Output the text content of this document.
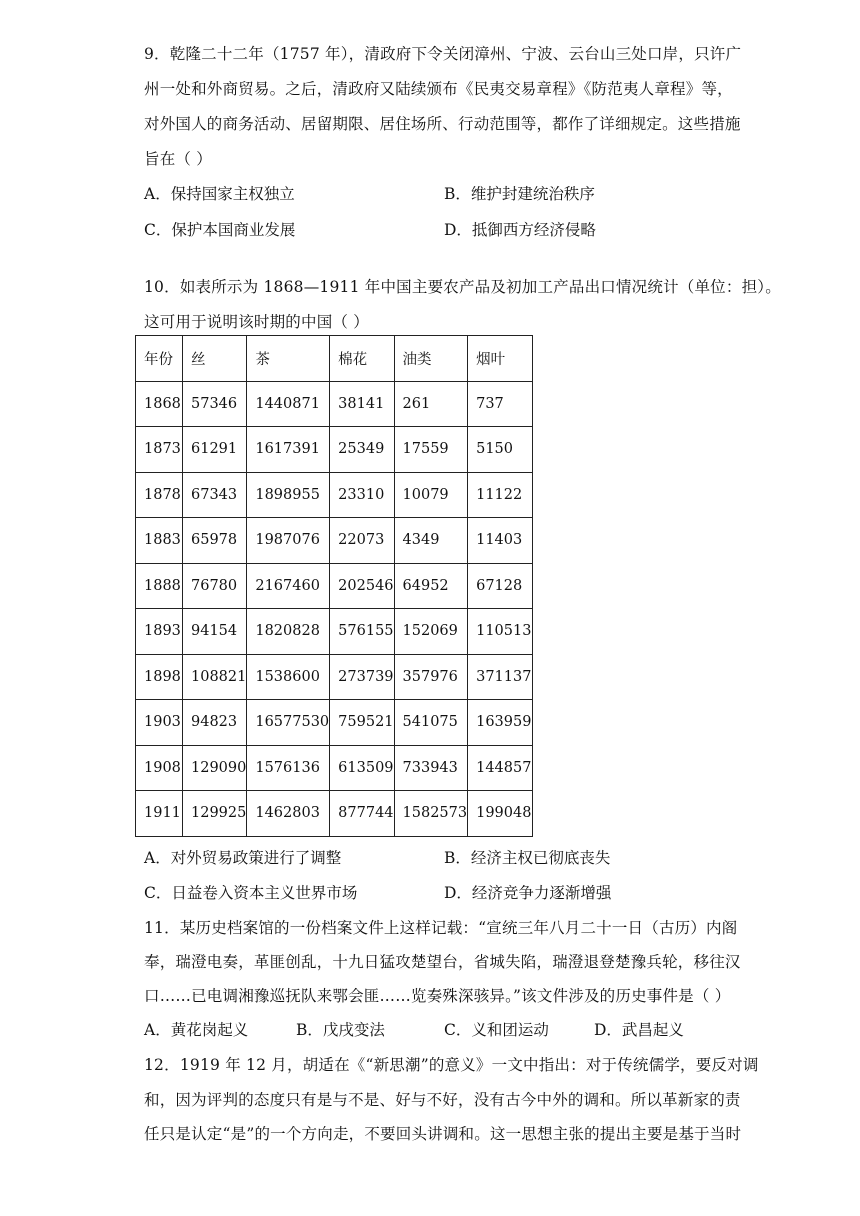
9．乾隆二十二年（1757 年），清政府下令关闭漳州、宁波、云台山三处口岸，只许广
州一处和外商贸易。之后，清政府又陆续颁布《民夷交易章程》《防范夷人章程》等，
对外国人的商务活动、居留期限、居住场所、行动范围等，都作了详细规定。这些措施
旨在（ ）
A．保持国家主权独立	B．维护封建统治秩序
C．保护本国商业发展	D．抵御西方经济侵略
10．如表所示为 1868—1911 年中国主要农产品及初加工产品出口情况统计（单位：担）。
这可用于说明该时期的中国（ ）
年份	丝	茶	棉花	油类	烟叶
1868	57346	1440871	38141	261	737
1873	61291	1617391	25349	17559	5150
1878	67343	1898955	23310	10079	11122
1883	65978	1987076	22073	4349	11403
1888	76780	2167460	202546	64952	67128
1893	94154	1820828	576155	152069	110513
1898	108821	1538600	273739	357976	371137
1903	94823	16577530	759521	541075	163959
1908	129090	1576136	613509	733943	144857
1911	129925	1462803	877744	1582573	199048
A．对外贸易政策进行了调整	B．经济主权已彻底丧失
C．日益卷入资本主义世界市场	D．经济竞争力逐渐增强
11．某历史档案馆的一份档案文件上这样记载：“宣统三年八月二十一日（古历）内阁
奉，瑞澄电奏，革匪创乱，十九日猛攻楚望台，省城失陷，瑞澄退登楚豫兵轮，移往汉
口……已电调湘豫巡抚队来鄂会匪……览奏殊深骇异。”该文件涉及的历史事件是（ ）
A．黄花岗起义	B．戊戌变法	C．义和团运动	D．武昌起义
12．1919 年 12 月，胡适在《“新思潮”的意义》一文中指出：对于传统儒学，要反对调
和，因为评判的态度只有是与不是、好与不好，没有古今中外的调和。所以革新家的责
任只是认定“是”的一个方向走，不要回头讲调和。这一思想主张的提出主要是基于当时
